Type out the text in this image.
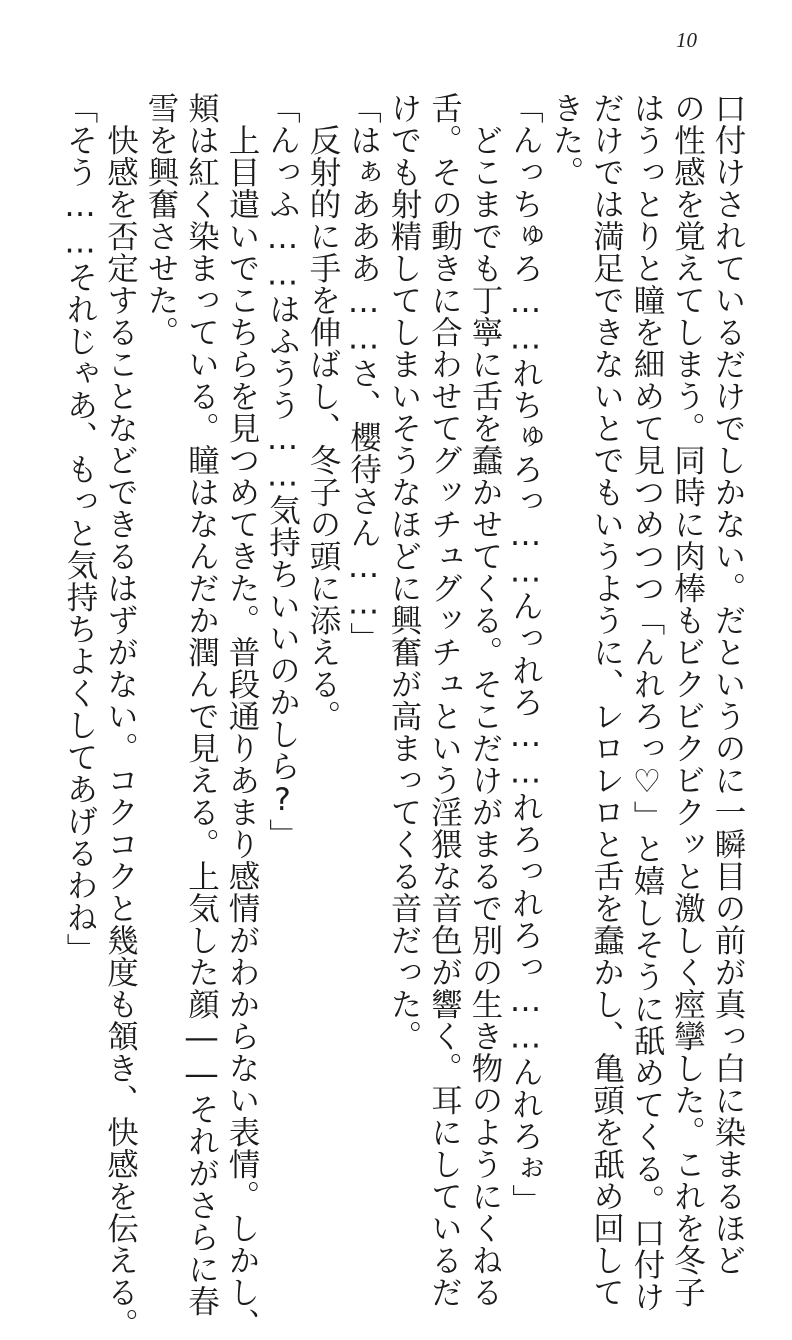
10
口付けされているだけでしかない。だというのに一瞬目の前が真っ白に染まるほど
の性感を覚えてしまう。同時に肉棒もビクビクビクッと激しく痙攣した。これを冬子
はうっとりと瞳を細めて見つめつつ「んれろっ♡」と嬉しそうに舐めてくる。口付け
だけでは満足できないとでもいうように、レロレロと舌を蠢かし、亀頭を舐め回して
きた。
「んっちゅろ……れちゅろっ……んっれろ……れろっれろっ……んれろぉ」
どこまでも丁寧に舌を蠢かせてくる。そこだけがまるで別の生き物のようにくねる
舌。その動きに合わせてグッチュグッチュという淫猥な音色が響く。耳にしているだ
けでも射精してしまいそうなほどに興奮が高まってくる音だった。
「はぁあああ……さ、櫻待さん……」
反射的に手を伸ばし、冬子の頭に添える。
「んっふ……はふうう……気持ちいいのかしら?」
上目遣いでこちらを見つめてきた。普段通りあまり感情がわからない表情。しかし、
頬は紅く染まっている。瞳はなんだか潤んで見える。上気した顔――それがさらに春
雪を興奮させた。
快感を否定することなどできるはずがない。コクコクと幾度も頷き、快感を伝える。
「そう……それじゃあ、もっと気持ちよくしてあげるわね」
